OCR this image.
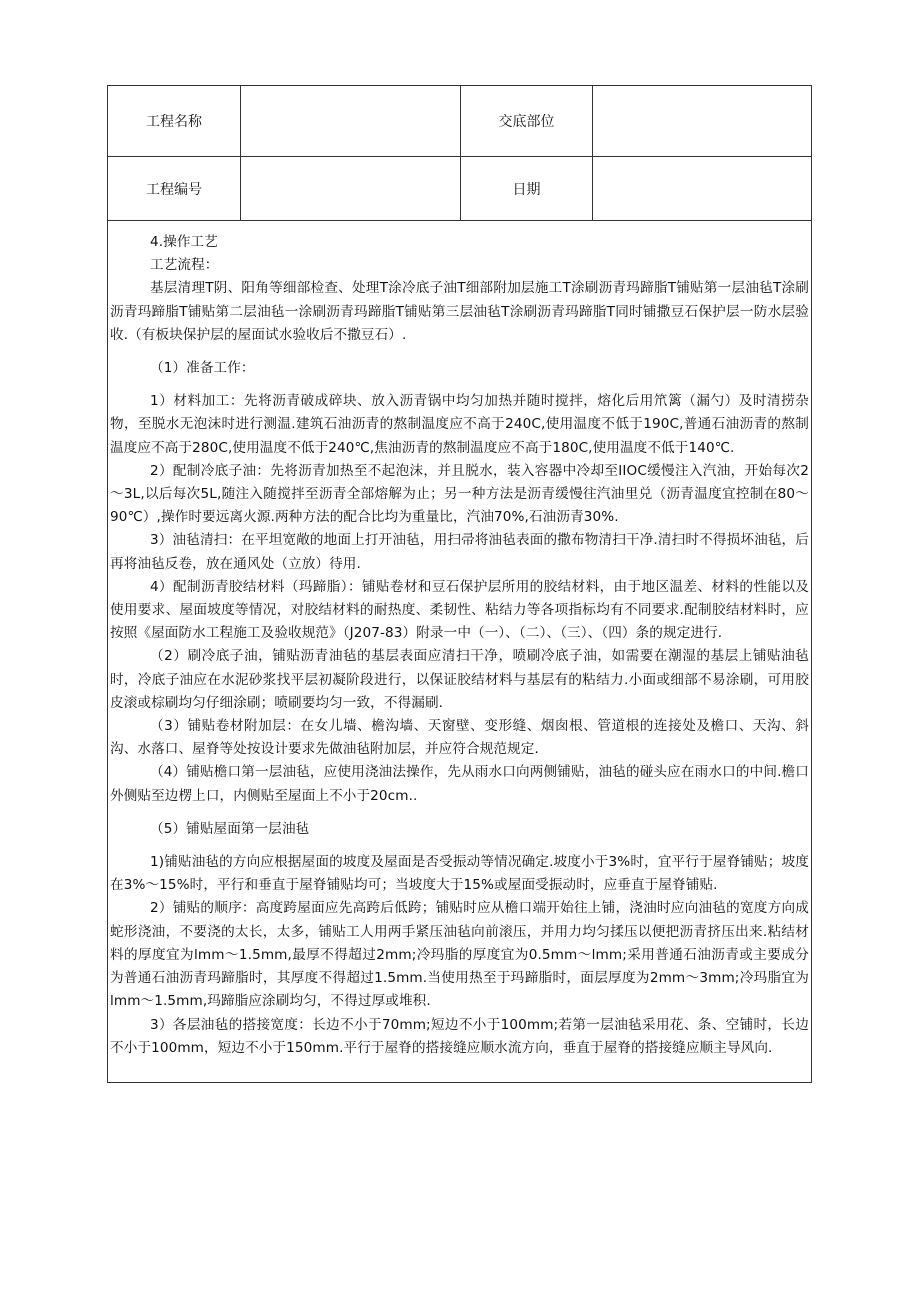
工程名称	交底部位
工程编号	日期

4.操作工艺

工艺流程：

基层清理T阴、阳角等细部检查、处理T涂冷底子油T细部附加层施工T涂刷沥青玛蹄脂T铺贴第一层油毡T涂刷沥青玛蹄脂T铺贴第二层油毡一涂刷沥青玛蹄脂T铺贴第三层油毡T涂刷沥青玛蹄脂T同时铺撒豆石保护层一防水层验收.（有板块保护层的屋面试水验收后不撒豆石）.

（1）准备工作：

1）材料加工：先将沥青破成碎块、放入沥青锅中均匀加热并随时搅拌，熔化后用笊篱（漏勺）及时清捞杂物，至脱水无泡沫时进行测温.建筑石油沥青的熬制温度应不高于240C,使用温度不低于190C,普通石油沥青的熬制温度应不高于280C,使用温度不低于240℃,焦油沥青的熬制温度应不高于180C,使用温度不低于140℃.

2）配制冷底子油：先将沥青加热至不起泡沫，并且脱水，装入容器中冷却至IIOC缓慢注入汽油，开始每次2～3L,以后每次5L,随注入随搅拌至沥青全部熔解为止；另一种方法是沥青缓慢往汽油里兑（沥青温度宜控制在80～90℃）,操作时要远离火源.两种方法的配合比均为重量比，汽油70%,石油沥青30%.

3）油毡清扫：在平坦宽敞的地面上打开油毡，用扫帚将油毡表面的撒布物清扫干净.清扫时不得损坏油毡，后再将油毡反卷，放在通风处（立放）待用.

4）配制沥青胶结材料（玛蹄脂）：铺贴卷材和豆石保护层所用的胶结材料，由于地区温差、材料的性能以及使用要求、屋面坡度等情况，对胶结材料的耐热度、柔韧性、粘结力等各项指标均有不同要求.配制胶结材料时，应按照《屋面防水工程施工及验收规范》（J207-83）附录一中（一）、（二）、（三）、（四）条的规定进行.

（2）刷冷底子油，铺贴沥青油毡的基层表面应清扫干净，喷刷冷底子油，如需要在潮湿的基层上铺贴油毡时，冷底子油应在水泥砂浆找平层初凝阶段进行，以保证胶结材料与基层有的粘结力.小面或细部不易涂刷，可用胶皮滚或棕刷均匀仔细涂刷；喷刷要均匀一致，不得漏刷.

（3）铺贴卷材附加层：在女儿墙、檐沟墙、天窗壁、变形缝、烟囱根、管道根的连接处及檐口、天沟、斜沟、水落口、屋脊等处按设计要求先做油毡附加层，并应符合规范规定.

（4）铺贴檐口第一层油毡，应使用浇油法操作，先从雨水口向两侧铺贴，油毡的碰头应在雨水口的中间.檐口外侧贴至边楞上口，内侧贴至屋面上不小于20cm..

（5）铺贴屋面第一层油毡

1)铺贴油毡的方向应根据屋面的坡度及屋面是否受振动等情况确定.坡度小于3%时，宜平行于屋脊铺贴；坡度在3%～15%时，平行和垂直于屋脊铺贴均可；当坡度大于15%或屋面受振动时，应垂直于屋脊铺贴.

2）铺贴的顺序：高度跨屋面应先高跨后低跨；铺贴时应从檐口端开始往上铺，浇油时应向油毡的宽度方向成蛇形浇油，不要浇的太长，太多，铺贴工人用两手紧压油毡向前滚压，并用力均匀揉压以便把沥青挤压出来.粘结材料的厚度宜为lmm～1.5mm,最厚不得超过2mm;冷玛脂的厚度宜为0.5mm～lmm;采用普通石油沥青或主要成分为普通石油沥青玛蹄脂时，其厚度不得超过1.5mm.当使用热至于玛蹄脂时，面层厚度为2mm～3mm;冷玛脂宜为lmm～1.5mm,玛蹄脂应涂刷均匀，不得过厚或堆积.

3）各层油毡的搭接宽度：长边不小于70mm;短边不小于100mm;若第一层油毡采用花、条、空铺时，长边不小于100mm，短边不小于150mm.平行于屋脊的搭接缝应顺水流方向，垂直于屋脊的搭接缝应顺主导风向.
